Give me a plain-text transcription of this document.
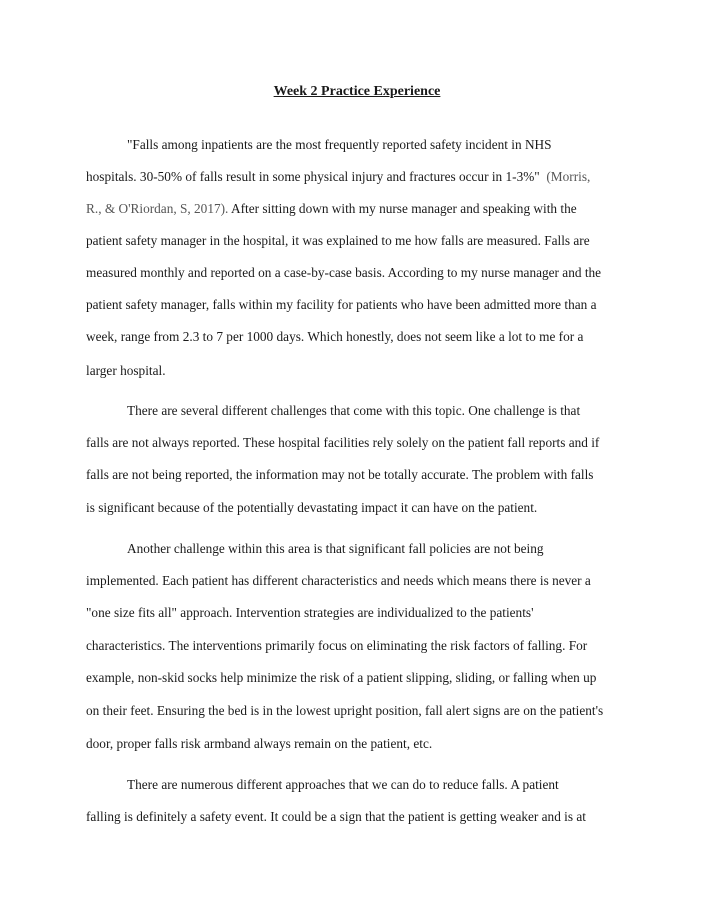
Week 2 Practice Experience
"Falls among inpatients are the most frequently reported safety incident in NHS
hospitals. 30-50% of falls result in some physical injury and fractures occur in 1-3%" (Morris,
R., & O'Riordan, S, 2017). After sitting down with my nurse manager and speaking with the
patient safety manager in the hospital, it was explained to me how falls are measured. Falls are
measured monthly and reported on a case-by-case basis. According to my nurse manager and the
patient safety manager, falls within my facility for patients who have been admitted more than a
week, range from 2.3 to 7 per 1000 days. Which honestly, does not seem like a lot to me for a
larger hospital.
There are several different challenges that come with this topic. One challenge is that
falls are not always reported. These hospital facilities rely solely on the patient fall reports and if
falls are not being reported, the information may not be totally accurate. The problem with falls
is significant because of the potentially devastating impact it can have on the patient.
Another challenge within this area is that significant fall policies are not being
implemented. Each patient has different characteristics and needs which means there is never a
"one size fits all" approach. Intervention strategies are individualized to the patients'
characteristics. The interventions primarily focus on eliminating the risk factors of falling. For
example, non-skid socks help minimize the risk of a patient slipping, sliding, or falling when up
on their feet. Ensuring the bed is in the lowest upright position, fall alert signs are on the patient's
door, proper falls risk armband always remain on the patient, etc.
There are numerous different approaches that we can do to reduce falls. A patient
falling is definitely a safety event. It could be a sign that the patient is getting weaker and is at
